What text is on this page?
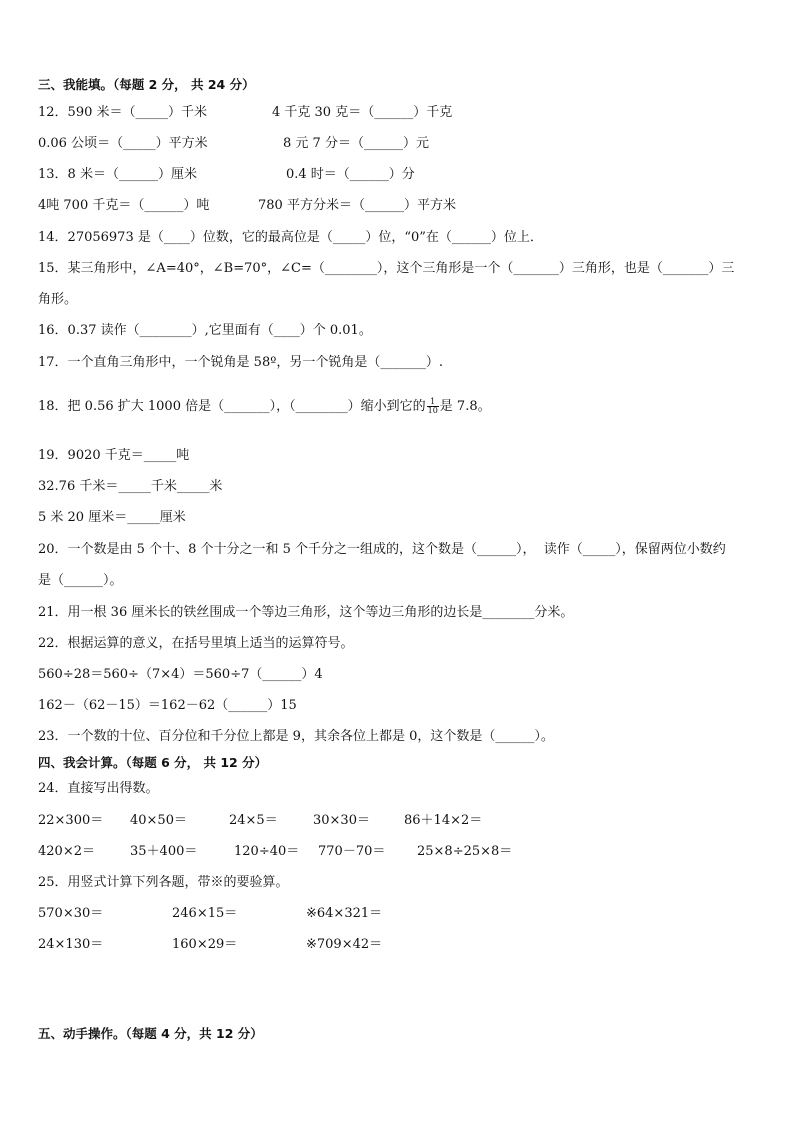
三、我能填。（每题 2 分， 共 24 分）
12．590 米＝（_____）千米	4 千克 30 克＝（______）千克
0.06 公顷＝（_____）平方米	8 元 7 分＝（______）元
13．8 米＝（______）厘米	0.4 时＝（______）分
4吨 700 千克＝（______）吨	780 平方分米＝（______）平方米
14．27056973 是（____）位数，它的最高位是（_____）位，“0”在（______）位上．
15．某三角形中，∠A=40°，∠B=70°，∠C=（________），这个三角形是一个（_______）三角形，也是（_______）三
角形。
16．0.37 读作（________）,它里面有（____）个 0.01。
17．一个直角三角形中，一个锐角是 58º，另一个锐角是（_______）.
18．把 0.56 扩大 1000 倍是（_______），（________）缩小到它的 $\frac{1}{10}$ 是 7.8。
19．9020 千克＝_____吨
32.76 千米＝_____千米_____米
5 米 20 厘米＝_____厘米
20．一个数是由 5 个十、8 个十分之一和 5 个千分之一组成的，这个数是（______），  读作（_____），保留两位小数约
是（______）。
21．用一根 36 厘米长的铁丝围成一个等边三角形，这个等边三角形的边长是________分米。
22．根据运算的意义，在括号里填上适当的运算符号。
560÷28＝560÷（7×4）＝560÷7（______）4
162－（62－15）＝162－62（______）15
23．一个数的十位、百分位和千分位上都是 9，其余各位上都是 0，这个数是（______）。
四、我会计算。（每题 6 分， 共 12 分）
24．直接写出得数。
22×300＝ 40×50＝	24×5＝	30×30＝	86＋14×2＝
420×2＝	35＋400＝	120÷40＝ 770－70＝ 25×8÷25×8＝
25．用竖式计算下列各题，带※的要验算。
570×30＝	246×15＝	※64×321＝
24×130＝	160×29＝	※709×42＝
五、动手操作。（每题 4 分，共 12 分）
